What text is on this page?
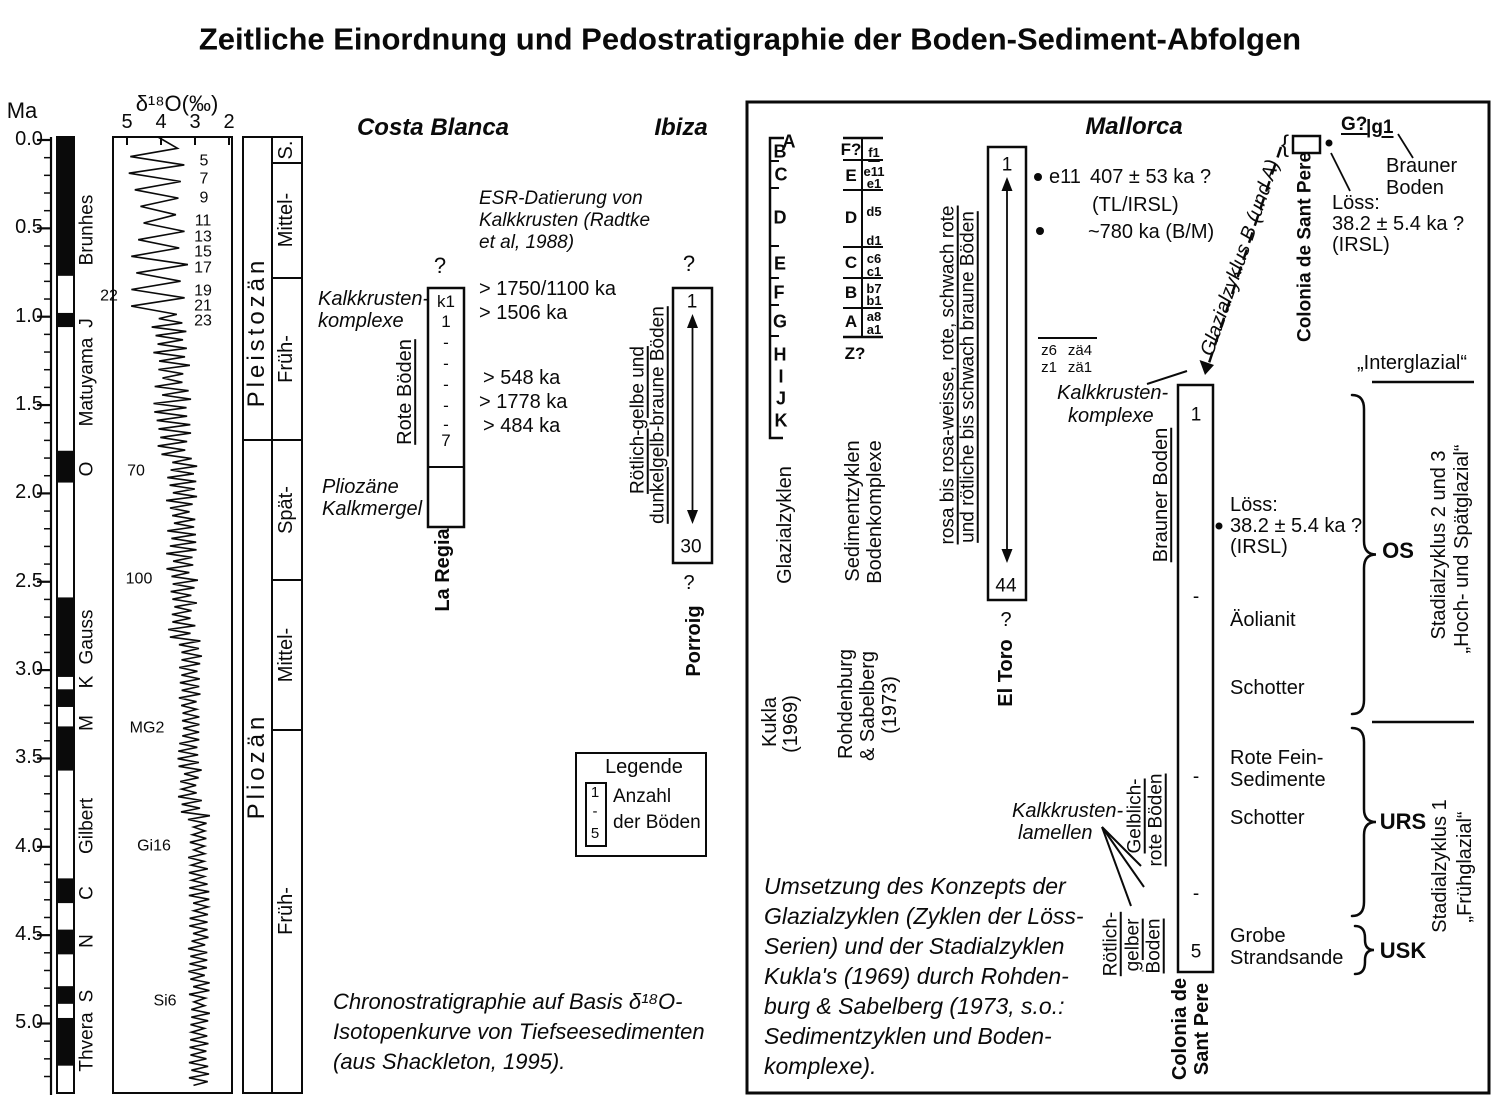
Zeitliche Einordnung und Pedostratigraphie der Boden-Sediment-Abfolgen
Ma
0.0
0.5
1.0
1.5
2.0
2.5
3.0
3.5
4.0
4.5
5.0
Brunhes
J
Matuyama
O
Gauss
K
M
Gilbert
C
N
S
Thvera
δ¹⁸O(‰)
5 4 3 2
5
7
9
11
13
15
17
19
21
23
22
70
100
MG2
Gi16
Si6
Pleistozän
Pliozän
S.
Mittel-
Früh-
Spät-
Mittel-
Früh-
Costa Blanca
ESR-Datierung von
Kalkkrusten (Radtke
et al, 1988)
?
Kalkkrusten-
komplexe
Rote Böden
k1
1
-
-
-
-
-
7
> 1750/1100 ka
> 1506 ka
> 548 ka
> 1778 ka
> 484 ka
Pliozäne
Kalkmergel
La Regia
Ibiza
?
Rötlich-gelbe und dunkelgelb-braune Böden
1
30
?
Porroig
Legende
1
-
5
Anzahl
der Böden
Chronostratigraphie auf Basis δ¹⁸O-
Isotopenkurve von Tiefseesedimenten
(aus Shackleton, 1995).
Mallorca
A
B
C
D
E
F
G
H
I
J
K
F?
E
D
C
B
A
Z?
f1
e11
e1
d5
d1
c6
c1
b7
b1
a8
a1
Glazialzyklen
Kukla (1969)
Sedimentzyklen Bodenkomplexe
Rohdenburg & Sabelberg (1973)
rosa bis rosa-weisse, rote, schwach rote und rötliche bis schwach braune Böden
1
44
?
El Toro
e11 407 ± 53 ka ?
(TL/IRSL)
~780 ka (B/M)
z6 zä4
z1 zä1
Glazialzyklus B (und A)
{
Colonia de Sant Pere
G?
|g1
Brauner
Boden
Löss:
38.2 ± 5.4 ka ?
(IRSL)
Kalkkrusten-
komplexe 1
-
-
-
5
Brauner Boden	Löss:
38.2 ± 5.4 ka ?
(IRSL)
Äolianit
Schotter
„Interglazial“
OS
URS
USK
Stadialzyklus 2 und 3 „Hoch- und Spätglazial“
Stadialzyklus 1 „Frühglazial“
Rote Fein-
Sedimente
Schotter
Grobe
Strandsande
Kalkkrusten-
lamellen Gelblich- rote Böden
Rötlich- gelber Boden
Colonia de Sant Pere
Umsetzung des Konzepts der
Glazialzyklen (Zyklen der Löss-
Serien) und der Stadialzyklen
Kukla's (1969) durch Rohden-
burg & Sabelberg (1973, s.o.:
Sedimentzyklen und Boden-
komplexe).
